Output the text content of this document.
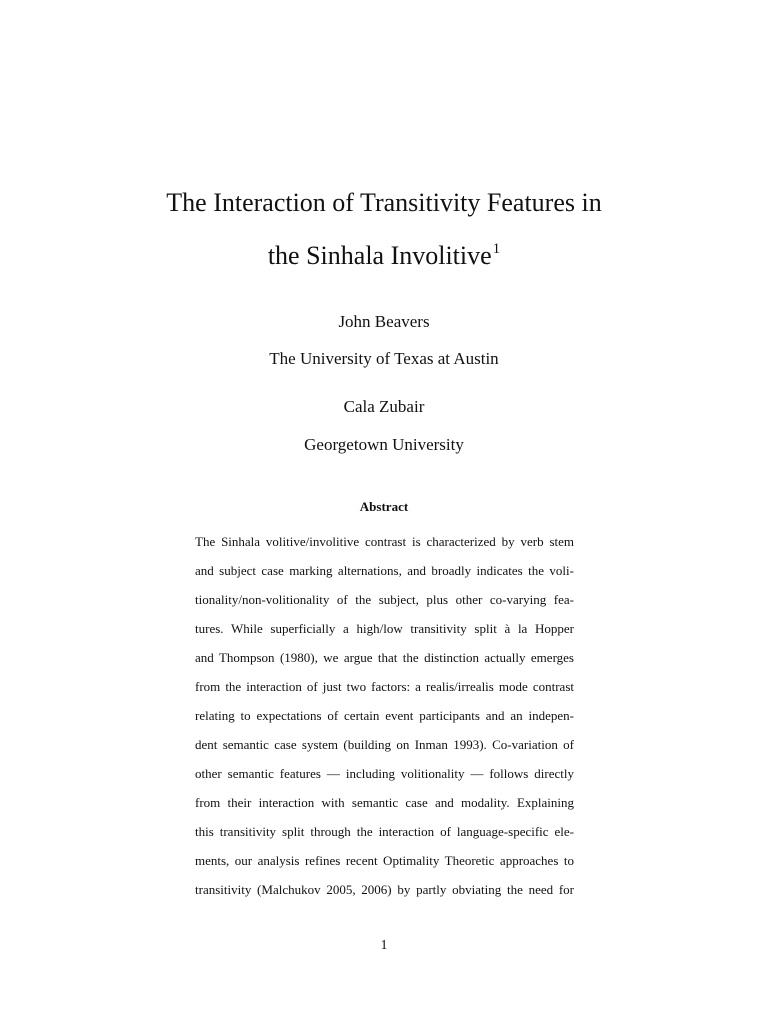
The Interaction of Transitivity Features in
the Sinhala Involitive$^1$
John Beavers
The University of Texas at Austin
Cala Zubair
Georgetown University
Abstract
The Sinhala volitive/involitive contrast is characterized by verb stem
and subject case marking alternations, and broadly indicates the voli-
tionality/non-volitionality of the subject, plus other co-varying fea-
tures. While superficially a high/low transitivity split à la Hopper
and Thompson (1980), we argue that the distinction actually emerges
from the interaction of just two factors: a realis/irrealis mode contrast
relating to expectations of certain event participants and an indepen-
dent semantic case system (building on Inman 1993). Co-variation of
other semantic features — including volitionality — follows directly
from their interaction with semantic case and modality. Explaining
this transitivity split through the interaction of language-specific ele-
ments, our analysis refines recent Optimality Theoretic approaches to
transitivity (Malchukov 2005, 2006) by partly obviating the need for
1
